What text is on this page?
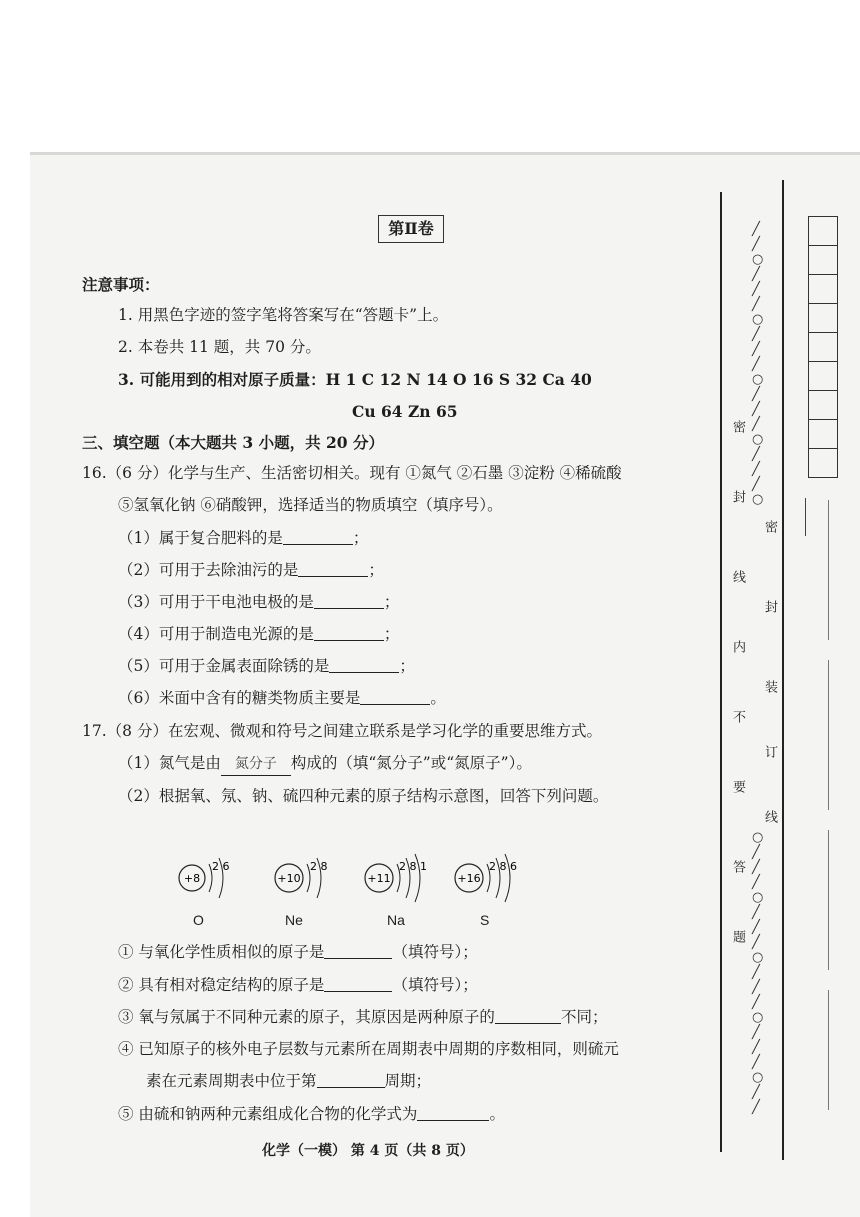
第Ⅱ卷
注意事项：
1. 用黑色字迹的签字笔将答案写在“答题卡”上。
2. 本卷共 11 题，共 70 分。
3. 可能用到的相对原子质量：H 1 C 12 N 14 O 16 S 32 Ca 40
Cu 64 Zn 65
三、填空题（本大题共 3 小题，共 20 分）
16.（6 分）化学与生产、生活密切相关。现有 ①氮气 ②石墨 ③淀粉 ④稀硫酸
⑤氢氧化钠 ⑥硝酸钾，选择适当的物质填空（填序号）。
（1）属于复合肥料的是	；
（2）可用于去除油污的是	；
（3）可用于干电池电极的是	；
（4）可用于制造电光源的是	；
（5）可用于金属表面除锈的是	；
（6）米面中含有的糖类物质主要是	。
17.（8 分）在宏观、微观和符号之间建立联系是学习化学的重要思维方式。
（1）氮气是由 氮分子 构成的（填“氮分子”或“氮原子”）。
（2）根据氧、氖、钠、硫四种元素的原子结构示意图，回答下列问题。
+8
2 6
+10
2 8
+11
2 8 1
+16
2 8 6
O	Ne	Na	S
① 与氧化学性质相似的原子是	（填符号）；
② 具有相对稳定结构的原子是	（填符号）；
③ 氧与氖属于不同种元素的原子，其原因是两种原子的	不同；
④ 已知原子的核外电子层数与元素所在周期表中周期的序数相同，则硫元
素在元素周期表中位于第	周期；
⑤ 由硫和钠两种元素组成化合物的化学式为	。
化学（一模） 第 4 页（共 8 页）
╱ ╱ ○ ╱ ╱ ╱ ○ ╱ ╱ ╱ ○ ╱ ╱ ╱ ○ ╱ ╱ ╱ ○
○ ╱ ╱ ╱ ○ ╱ ╱ ╱ ○ ╱ ╱ ╱ ○ ╱ ╱ ╱ ○ ╱ ╱
密
封
线
内
不
要
答
题
密
封
装
订
线
